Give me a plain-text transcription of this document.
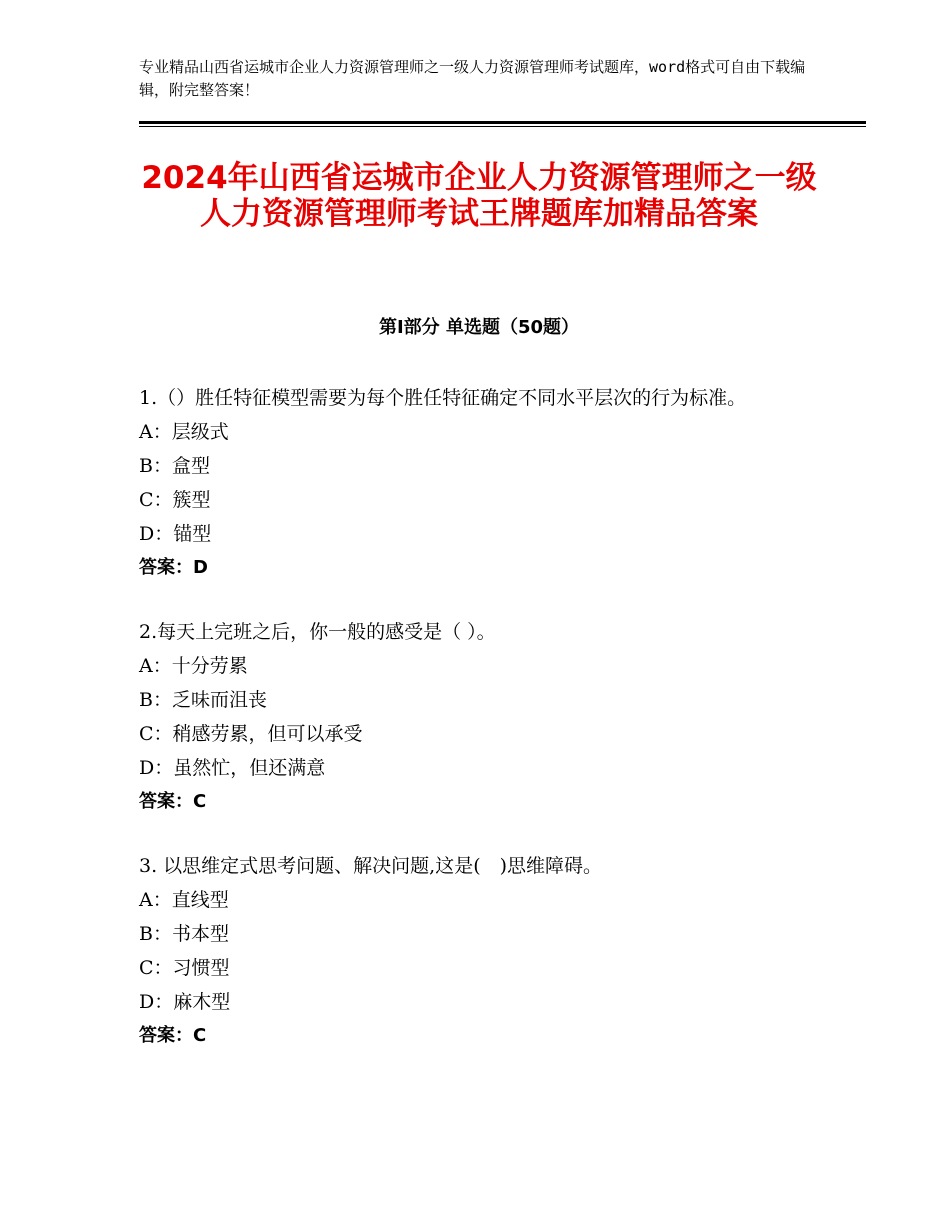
专业精品山西省运城市企业人力资源管理师之一级人力资源管理师考试题库，word格式可自由下载编辑，附完整答案！
2024年山西省运城市企业人力资源管理师之一级人力资源管理师考试王牌题库加精品答案
第Ⅰ部分 单选题（50题）

1.（）胜任特征模型需要为每个胜任特征确定不同水平层次的行为标准。

A：层级式

B：盒型

C：簇型

D：锚型

答案：D

2.每天上完班之后，你一般的感受是（ ）。

A：十分劳累

B：乏味而沮丧

C：稍感劳累，但可以承受

D：虽然忙，但还满意

答案：C

3. 以思维定式思考问题、解决问题,这是(　)思维障碍。

A：直线型

B：书本型

C：习惯型

D：麻木型

答案：C
